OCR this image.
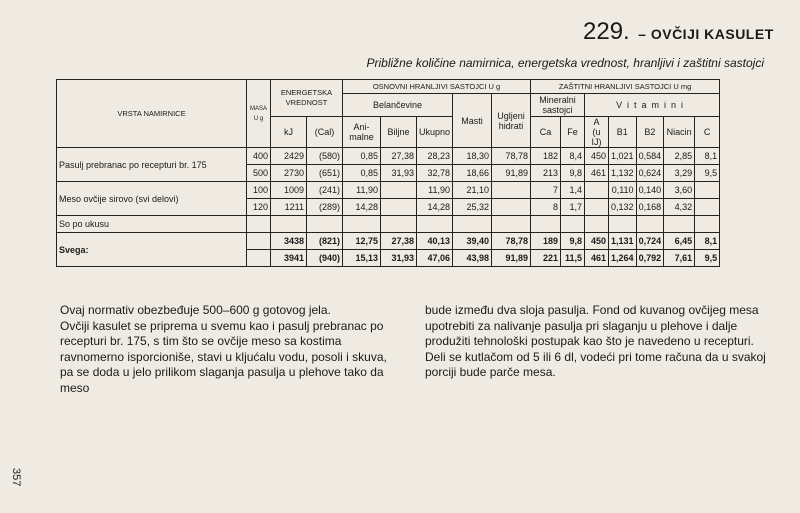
229. – OVČIJI KASULET
Približne količine namirnica, energetska vrednost, hranljivi i zaštitni sastojci
VRSTA NAMIRNICE	MASA
U g	ENERGETSKA VREDNOST		OSNOVNI HRANLJIVI SASTOJCI U g					ZAŠTITNI HRANLJIVI SASTOJCI U mg						
				Belančevine			Masti	Ugljeni hidrati	Mineralni sastojci		Vitamini				
		kJ	(Cal)	Ani- malne	Biljne	Ukupno			Ca	Fe	A
(u IJ)	B1	B2	Niacin	C
Pasulj prebranac po recepturi br. 175	400	2429	(580)	0,85	27,38	28,23	18,30	78,78	182	8,4	450	1,021	0,584	2,85	8,1
	500	2730	(651)	0,85	31,93	32,78	18,66	91,89	213	9,8	461	1,132	0,624	3,29	9,5
Meso ovčije sirovo (svi delovi)	100	1009	(241)	11,90		11,90	21,10		7	1,4		0,110	0,140	3,60	
	120	1211	(289)	14,28		14,28	25,32		8	1,7		0,132	0,168	4,32	
So po ukusu															
Svega:		3438	(821)	12,75	27,38	40,13	39,40	78,78	189	9,8	450	1,131	0,724	6,45	8,1
		3941	(940)	15,13	31,93	47,06	43,98	91,89	221	11,5	461	1,264	0,792	7,61	9,5

Ovaj normativ obezbeđuje 500–600 g gotovog jela.

Ovčiji kasulet se priprema u svemu kao i pasulj prebranac po recepturi br. 175, s tim što se ovčije meso sa kostima ravnomerno isporcioniše, stavi u kljućalu vodu, posoli i skuva, pa se doda u jelo prilikom slaganja pasulja u plehove tako da meso

bude između dva sloja pasulja. Fond od kuvanog ovčijeg mesa upotrebiti za nalivanje pasulja pri slaganju u plehove i dalje produžiti tehnološki postupak kao što je navedeno u recepturi.

Deli se kutlačom od 5 ili 6 dl, vodeći pri tome računa da u svakoj porciji bude parče mesa.

357
